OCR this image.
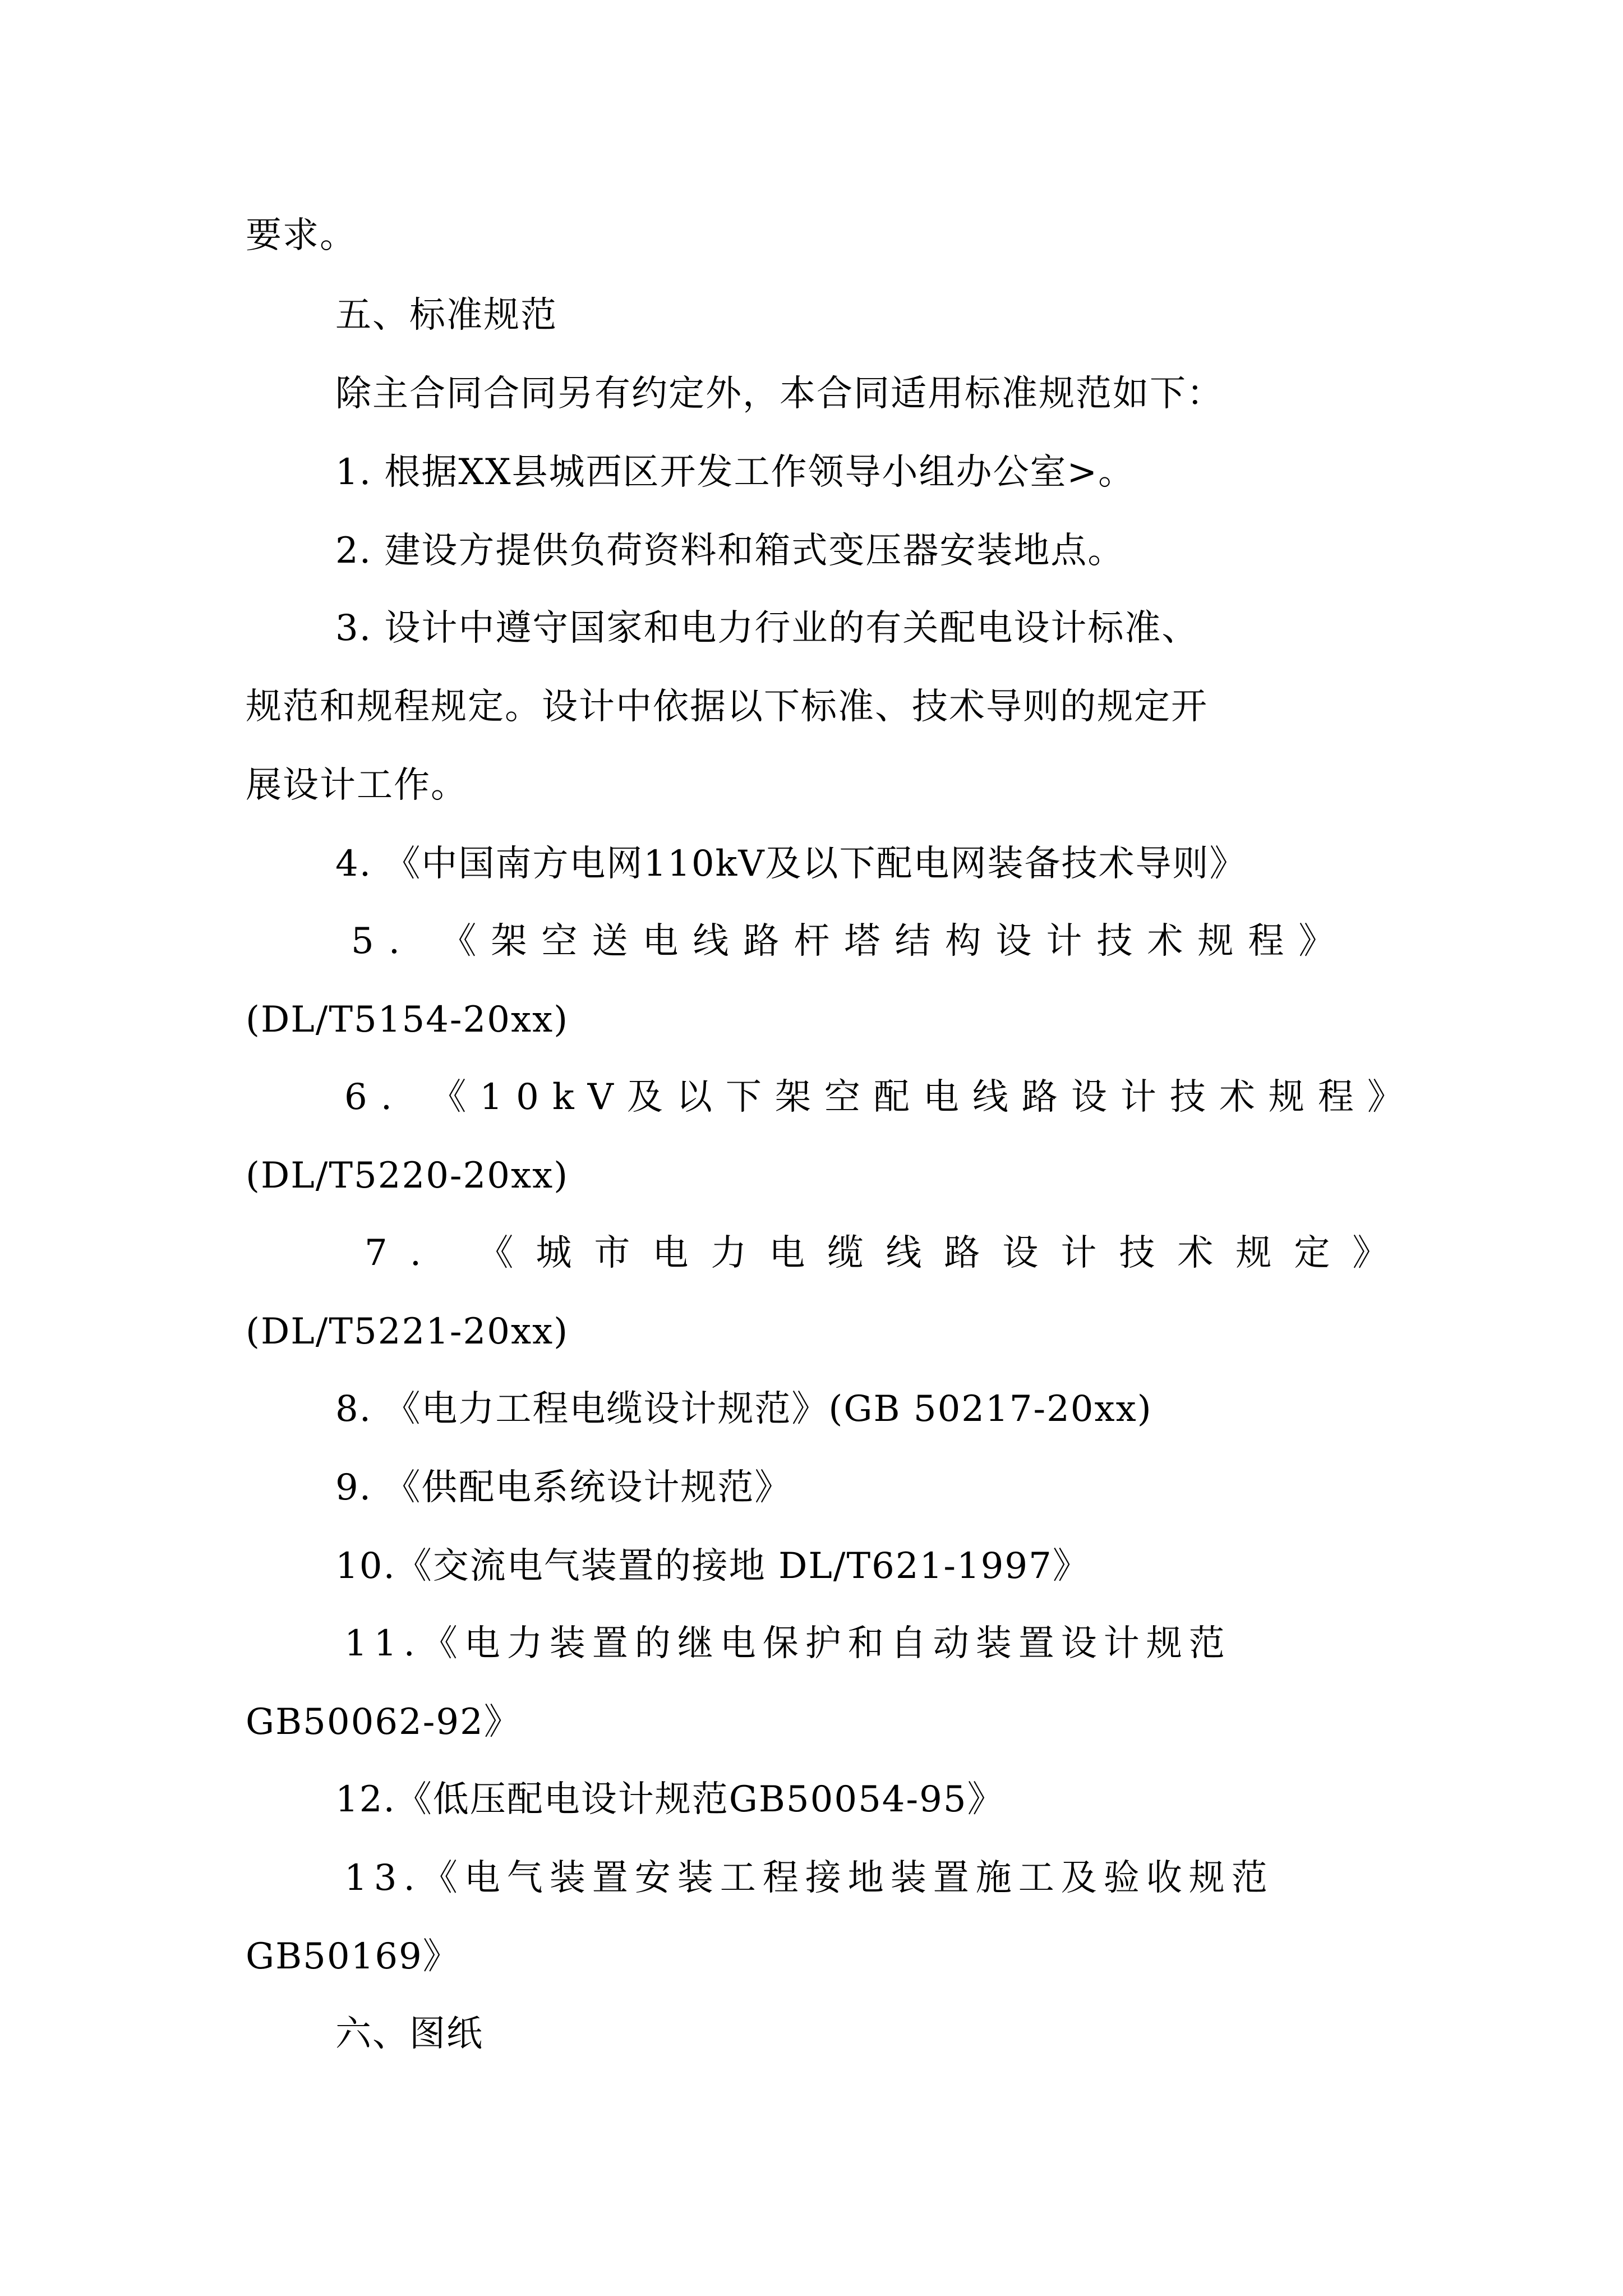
要求。
五、标准规范
除主合同合同另有约定外，本合同适用标准规范如下：
1. 根据XX县城西区开发工作领导小组办公室>。
2. 建设方提供负荷资料和箱式变压器安装地点。
3. 设计中遵守国家和电力行业的有关配电设计标准、
规范和规程规定。设计中依据以下标准、技术导则的规定开
展设计工作。
4. 《中国南方电网110kV及以下配电网装备技术导则》
5. 《架空送电线路杆塔结构设计技术规程》
(DL/T5154-20xx)
6. 《10kV及以下架空配电线路设计技术规程》
(DL/T5220-20xx)
7. 《城市电力电缆线路设计技术规定》
(DL/T5221-20xx)
8. 《电力工程电缆设计规范》(GB 50217-20xx)
9. 《供配电系统设计规范》
10.《交流电气装置的接地 DL/T621-1997》
11.《电力装置的继电保护和自动装置设计规范
GB50062-92》
12.《低压配电设计规范GB50054-95》
13.《电气装置安装工程接地装置施工及验收规范
GB50169》
六、图纸
